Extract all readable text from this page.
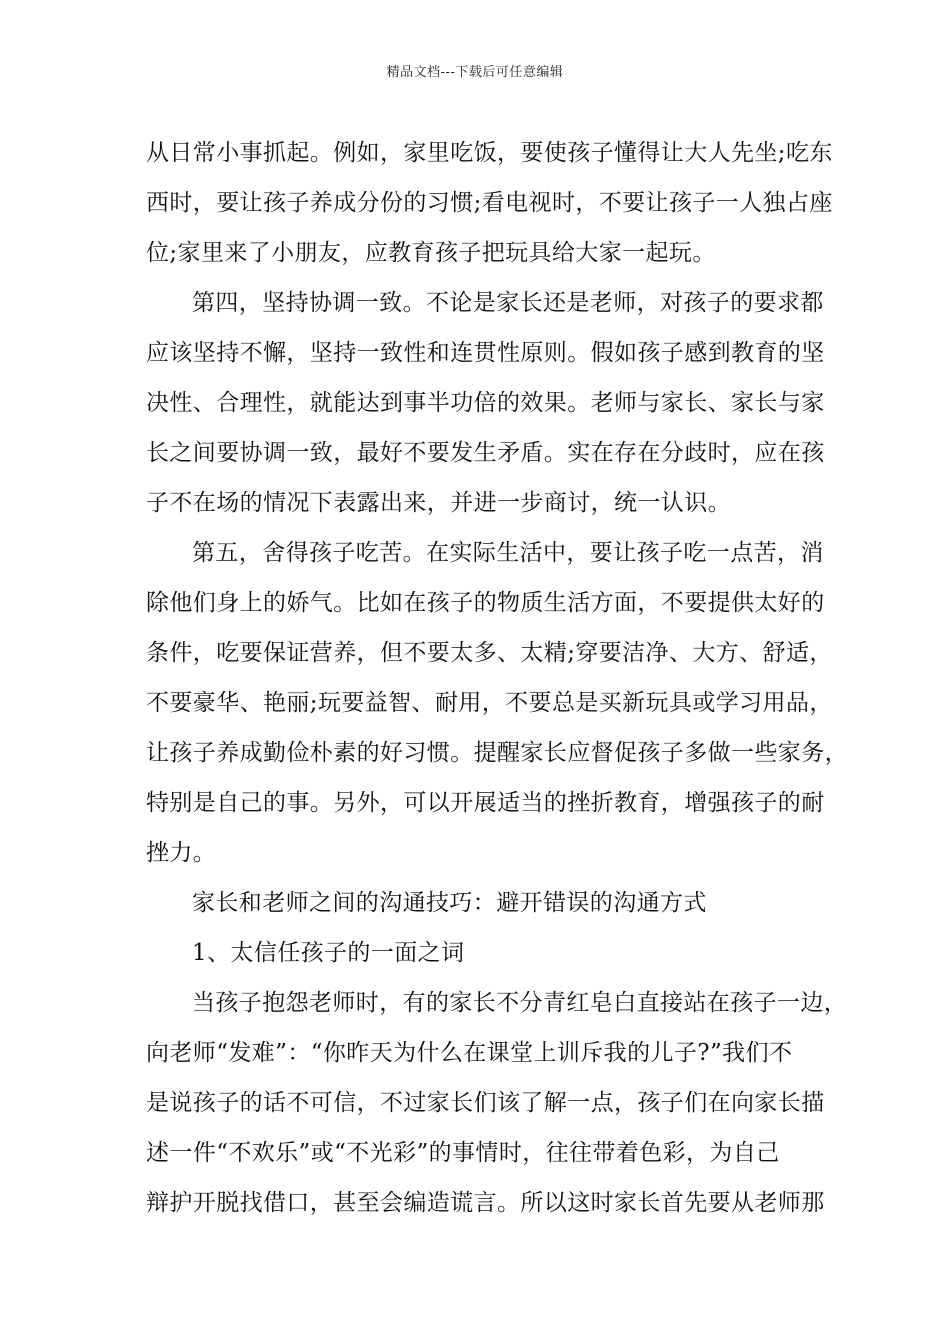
精品文档---下载后可任意编辑
从日常小事抓起。例如，家里吃饭，要使孩子懂得让大人先坐;吃东
西时，要让孩子养成分份的习惯;看电视时，不要让孩子一人独占座
位;家里来了小朋友，应教育孩子把玩具给大家一起玩。
第四，坚持协调一致。不论是家长还是老师，对孩子的要求都
应该坚持不懈，坚持一致性和连贯性原则。假如孩子感到教育的坚
决性、合理性，就能达到事半功倍的效果。老师与家长、家长与家
长之间要协调一致，最好不要发生矛盾。实在存在分歧时，应在孩
子不在场的情况下表露出来，并进一步商讨，统一认识。
第五，舍得孩子吃苦。在实际生活中，要让孩子吃一点苦，消
除他们身上的娇气。比如在孩子的物质生活方面，不要提供太好的
条件，吃要保证营养，但不要太多、太精;穿要洁净、大方、舒适，
不要豪华、艳丽;玩要益智、耐用，不要总是买新玩具或学习用品，
让孩子养成勤俭朴素的好习惯。提醒家长应督促孩子多做一些家务，
特别是自己的事。另外，可以开展适当的挫折教育，增强孩子的耐
挫力。
家长和老师之间的沟通技巧：避开错误的沟通方式
1、太信任孩子的一面之词
当孩子抱怨老师时，有的家长不分青红皂白直接站在孩子一边，
向老师“发难”：“你昨天为什么在课堂上训斥我的儿子?”我们不
是说孩子的话不可信，不过家长们该了解一点，孩子们在向家长描
述一件“不欢乐”或“不光彩”的事情时，往往带着色彩，为自己
辩护开脱找借口，甚至会编造谎言。所以这时家长首先要从老师那
